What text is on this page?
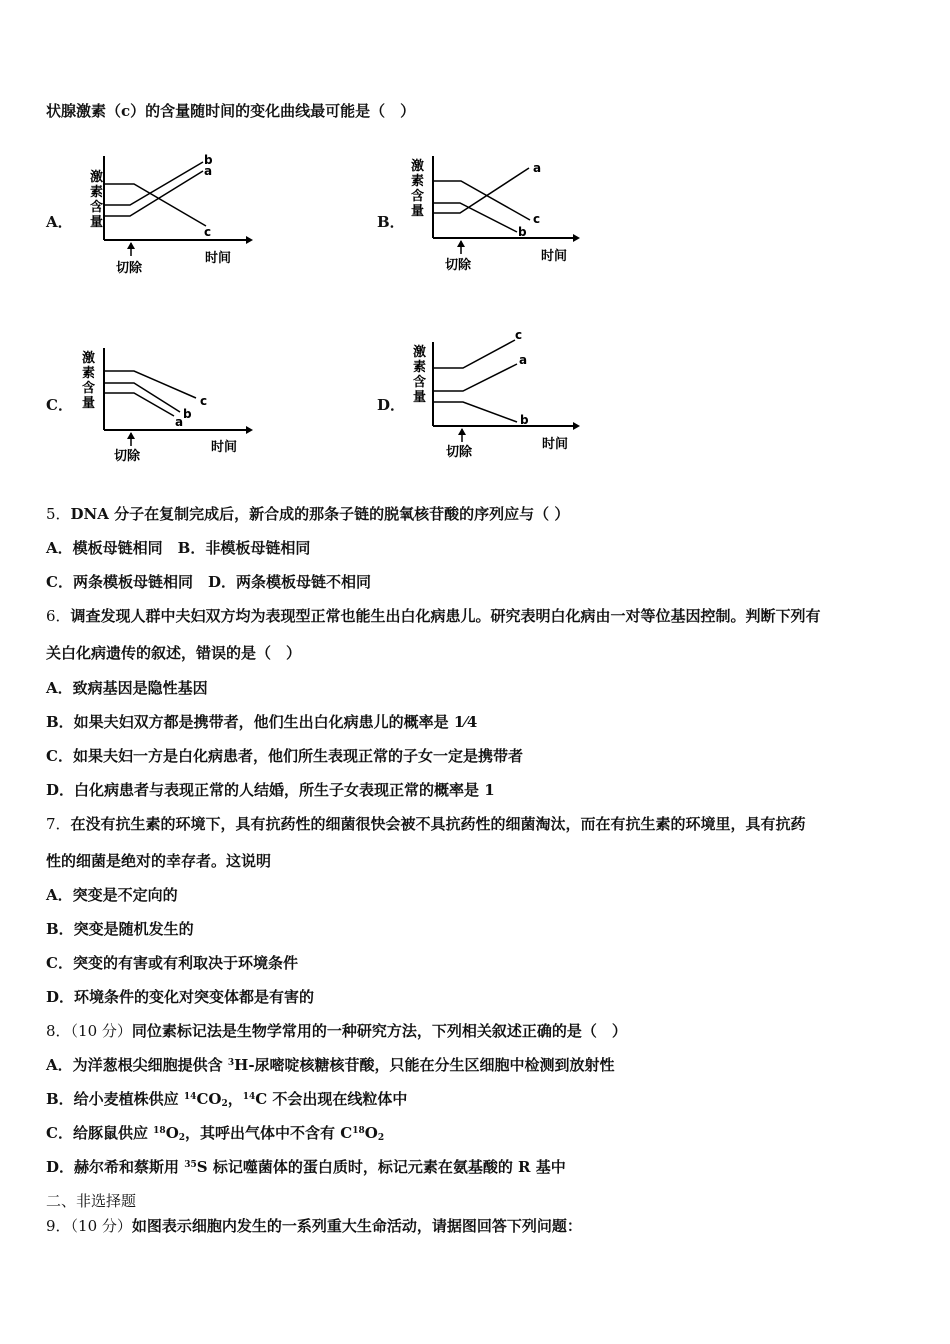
状腺激素（c）的含量随时间的变化曲线最可能是（　）
A．	B．
C．	D．
激
素
含
量
b
a
c
切除
时间
激
素
含
量
a
c
b
切除
时间
激
素
含
量	c
b
a
切除
时间
激
素
含
量
c
a
b
切除
时间
5．DNA 分子在复制完成后，新合成的那条子链的脱氧核苷酸的序列应与（ ）
A．模板母链相同　B．非模板母链相同
C．两条模板母链相同　D．两条模板母链不相同
6．调查发现人群中夫妇双方均为表现型正常也能生出白化病患儿。研究表明白化病由一对等位基因控制。判断下列有
关白化病遗传的叙述，错误的是（　）
A．致病基因是隐性基因
B．如果夫妇双方都是携带者，他们生出白化病患儿的概率是 1⁄4
C．如果夫妇一方是白化病患者，他们所生表现正常的子女一定是携带者
D．白化病患者与表现正常的人结婚，所生子女表现正常的概率是 1
7．在没有抗生素的环境下，具有抗药性的细菌很快会被不具抗药性的细菌淘汰，而在有抗生素的环境里，具有抗药
性的细菌是绝对的幸存者。这说明
A．突变是不定向的
B．突变是随机发生的
C．突变的有害或有利取决于环境条件
D．环境条件的变化对突变体都是有害的
8．（10 分）同位素标记法是生物学常用的一种研究方法，下列相关叙述正确的是（　）
A．为洋葱根尖细胞提供含 $^3$H-尿嘧啶核糖核苷酸，只能在分生区细胞中检测到放射性
B．给小麦植株供应 $^{14}CO_2$，$^{14}$C 不会出现在线粒体中
C．给豚鼠供应 $^{18}O_2$，其呼出气体中不含有 $C^{18}O_2$
D．赫尔希和蔡斯用 $^{35}$S 标记噬菌体的蛋白质时，标记元素在氨基酸的 R 基中
二、非选择题
9．（10 分）如图表示细胞内发生的一系列重大生命活动，请据图回答下列问题：
